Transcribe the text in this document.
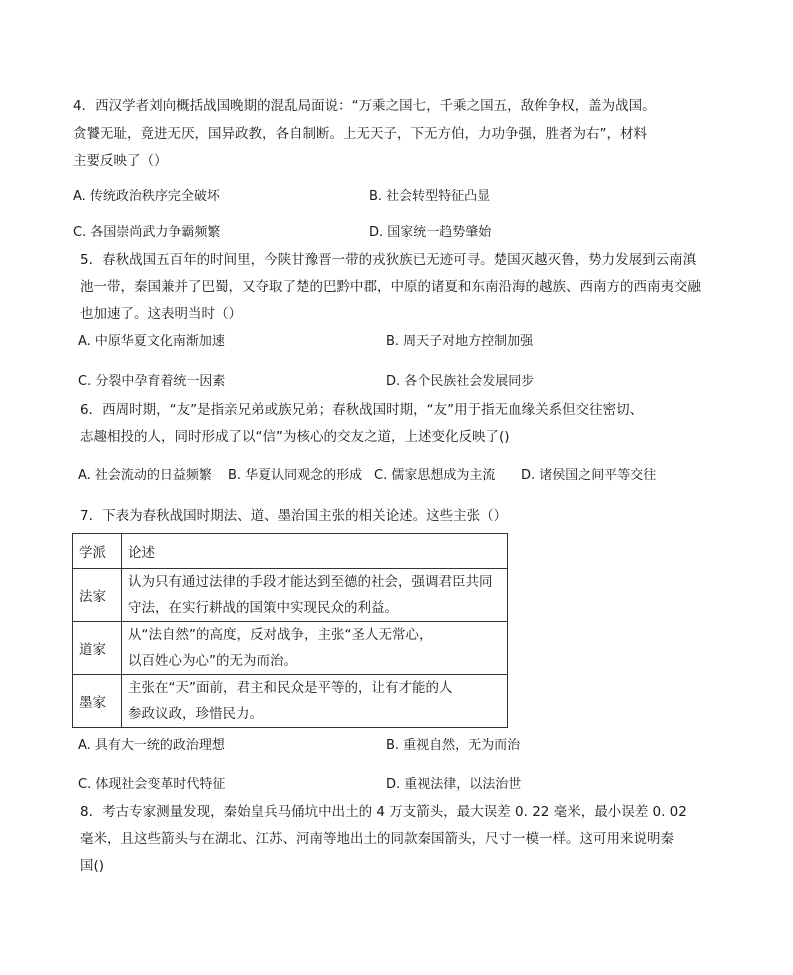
4．西汉学者刘向概括战国晚期的混乱局面说：“万乘之国七，千乘之国五，敌侔争权，盖为战国。
贪饕无耻，竟进无厌，国异政教，各自制断。上无天子，下无方伯，力功争强，胜者为右”，材料
主要反映了（）
A. 传统政治秩序完全破坏	B. 社会转型特征凸显
C. 各国崇尚武力争霸频繁	D. 国家统一趋势肇始
5．春秋战国五百年的时间里，今陕甘豫晋一带的戎狄族已无迹可寻。楚国灭越灭鲁，势力发展到云南滇
池一带，秦国兼并了巴蜀，又夺取了楚的巴黔中郡，中原的诸夏和东南沿海的越族、西南方的西南夷交融
也加速了。这表明当时（）
A. 中原华夏文化南渐加速	B. 周天子对地方控制加强
C. 分裂中孕育着统一因素	D. 各个民族社会发展同步
6．西周时期，“友”是指亲兄弟或族兄弟；春秋战国时期，“友”用于指无血缘关系但交往密切、
志趣相投的人，同时形成了以“信”为核心的交友之道，上述变化反映了()
A. 社会流动的日益频繁 B. 华夏认同观念的形成 C. 儒家思想成为主流 D. 诸侯国之间平等交往
7．下表为春秋战国时期法、道、墨治国主张的相关论述。这些主张（）
学派	论述
法家	认为只有通过法律的手段才能达到至德的社会，强调君臣共同
守法，在实行耕战的国策中实现民众的利益。

道家	从“法自然”的高度，反对战争，主张“圣人无常心，
以百姓心为心”的无为而治。

墨家	主张在“天”面前，君主和民众是平等的，让有才能的人
参政议政，珍惜民力。
A. 具有大一统的政治理想	B. 重视自然，无为而治
C. 体现社会变革时代特征	D. 重视法律，以法治世
8．考古专家测量发现，秦始皇兵马俑坑中出土的 4 万支箭头，最大误差 0. 22 毫米，最小误差 0. 02
毫米，且这些箭头与在湖北、江苏、河南等地出土的同款秦国箭头，尺寸一模一样。这可用来说明秦
国()
